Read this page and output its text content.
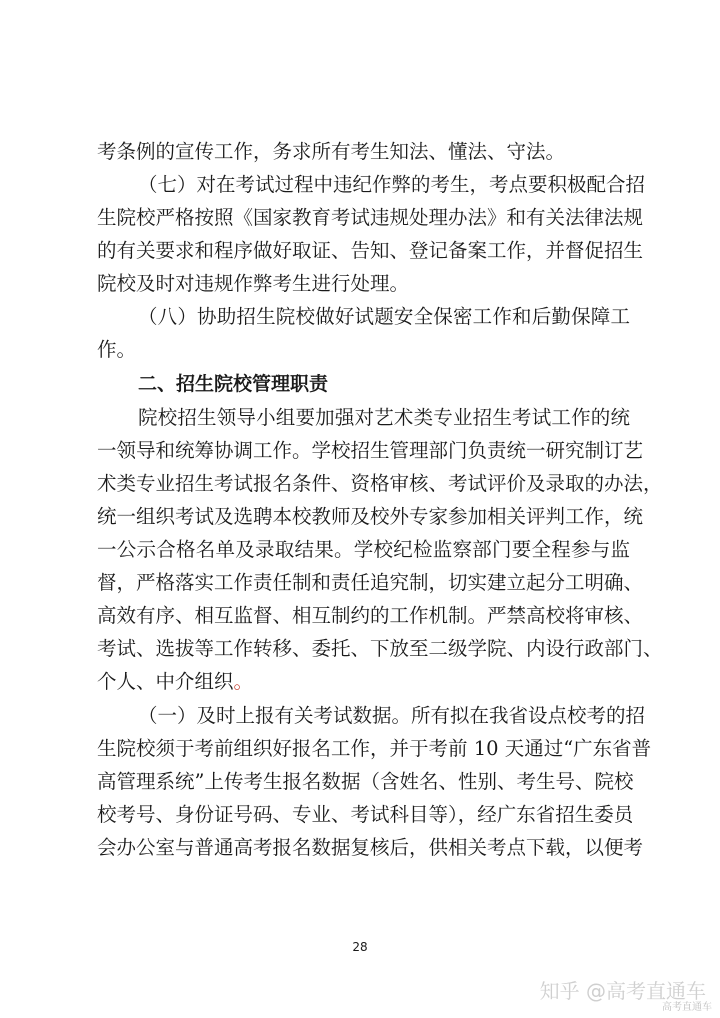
考条例的宣传工作，务求所有考生知法、懂法、守法。
（七）对在考试过程中违纪作弊的考生，考点要积极配合招
生院校严格按照《国家教育考试违规处理办法》和有关法律法规
的有关要求和程序做好取证、告知、登记备案工作，并督促招生
院校及时对违规作弊考生进行处理。
（八）协助招生院校做好试题安全保密工作和后勤保障工
作。
二、招生院校管理职责
院校招生领导小组要加强对艺术类专业招生考试工作的统
一领导和统筹协调工作。学校招生管理部门负责统一研究制订艺
术类专业招生考试报名条件、资格审核、考试评价及录取的办法，
统一组织考试及选聘本校教师及校外专家参加相关评判工作，统
一公示合格名单及录取结果。学校纪检监察部门要全程参与监
督，严格落实工作责任制和责任追究制，切实建立起分工明确、
高效有序、相互监督、相互制约的工作机制。严禁高校将审核、
考试、选拔等工作转移、委托、下放至二级学院、内设行政部门、
个人、中介组织。
（一）及时上报有关考试数据。所有拟在我省设点校考的招
生院校须于考前组织好报名工作，并于考前 10 天通过“广东省普
高管理系统”上传考生报名数据（含姓名、性别、考生号、院校
校考号、身份证号码、专业、考试科目等），经广东省招生委员
会办公室与普通高考报名数据复核后，供相关考点下载，以便考
28
知乎 @高考直通车
高考直通车
